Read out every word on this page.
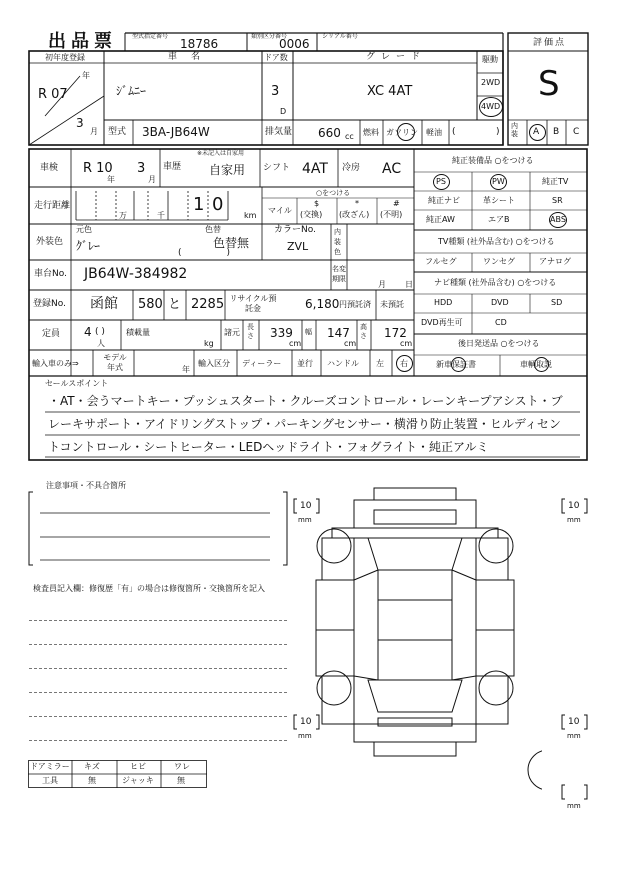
出品票	型式指定番号
18786
類別区分番号
0006
シリアル番号
評価点
S
初年度登録
年
R 07
3
月
車名
ｼﾞﾑﾆｰ
ドア数
3
D
グレード
XC 4AT
駆動
2WD
4WD
型式 3BA-JB64W	排気量 660 cc 燃料 ガソリン 軽油 (	)
内装	A B C
車検 R 10
年
3
月
車歴
※未記入は自家用
自家用 シフト 4AT 冷房 AC
走行距離
万	千
1 0
km
○をつける
マイル
$
(交換)
*
(改ざん)
#
(不明)
外装色
元色
ｸﾞﾚｰ
色替
色替無
(　　　　　)
カラーNo.
ZVL
内装色
車台No. JB64W-384982	名変期限
月 日
登録No. 函館 580 と 2285 リサイクル預託金	6,180 円預託済 未預託
定員 4 ( )
人
積載量
kg
諸元
長さ 339
cm
幅 147
cm
高さ 172
cm
輸入車のみ⇒
モデル年式	年
輸入区分 ディーラー 並行 ハンドル 左 右
純正装備品 ○をつける
PS	PW	純正TV
純正ナビ	革シート	SR
純正AW	エアB	ABS
TV種類 (社外品含む) ○をつける
フルセグ	ワンセグ	アナログ
ナビ種類 (社外品含む) ○をつける
HDD	DVD	SD
DVD再生可	CD
後日発送品 ○をつける
新車保証書	車輌取説
セールスポイント
・AT・会うマートキー・プッシュスタート・クルーズコントロール・レーンキープアシスト・ブ
レーキサポート・アイドリングストップ・パーキングセンサー・横滑り防止装置・ヒルディセン
トコントロール・シートヒーター・LEDヘッドライト・フォグライト・純正アルミ
注意事項・不具合箇所
検査員記入欄：修復歴「有」の場合は修復箇所・交換箇所を記入
ドアミラー キズ	ヒビ	ワレ
工具	無	ジャッキ	無
10
mm
10
mm
10
mm
10
mm
mm
